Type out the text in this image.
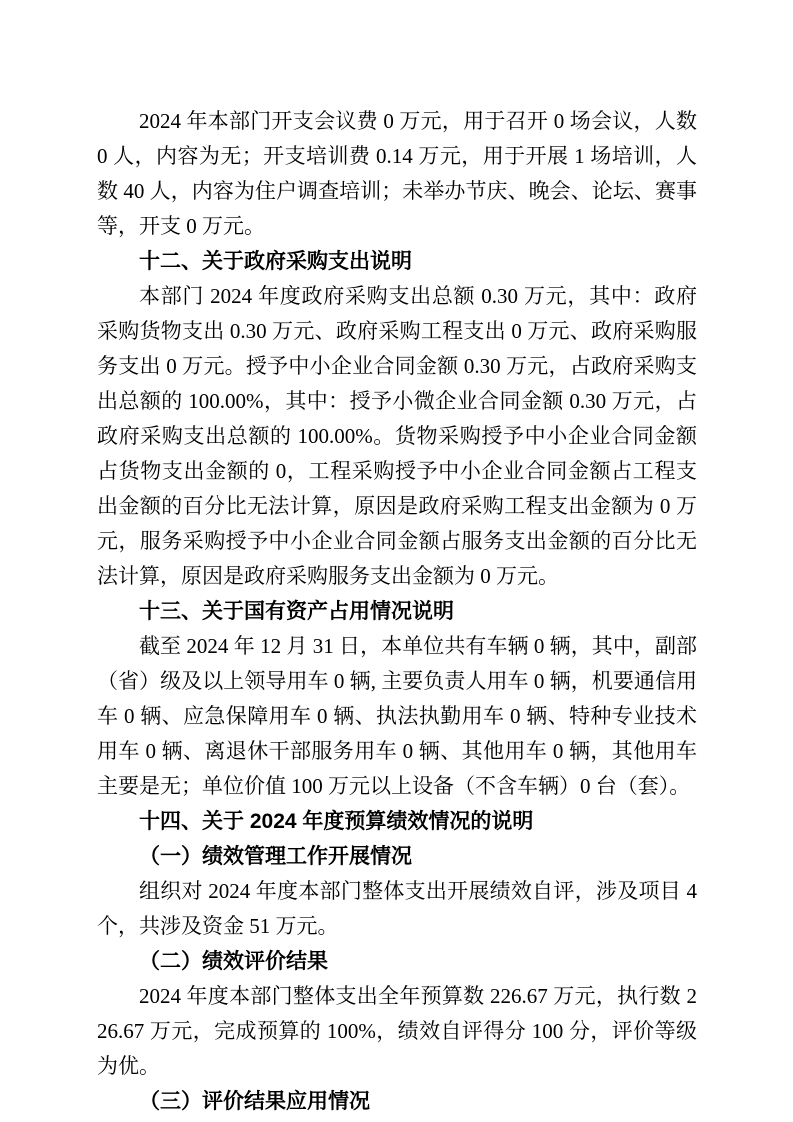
2024 年本部门开支会议费 0 万元，用于召开 0 场会议，人数 0 人，内容为无；开支培训费 0.14 万元，用于开展 1 场培训，人数 40 人，内容为住户调查培训；未举办节庆、晚会、论坛、赛事等，开支 0 万元。

十二、关于政府采购支出说明

本部门 2024 年度政府采购支出总额 0.30 万元，其中：政府采购货物支出 0.30 万元、政府采购工程支出 0 万元、政府采购服务支出 0 万元。授予中小企业合同金额 0.30 万元，占政府采购支出总额的 100.00%，其中：授予小微企业合同金额 0.30 万元，占政府采购支出总额的 100.00%。货物采购授予中小企业合同金额占货物支出金额的 0，工程采购授予中小企业合同金额占工程支出金额的百分比无法计算，原因是政府采购工程支出金额为 0 万元，服务采购授予中小企业合同金额占服务支出金额的百分比无法计算，原因是政府采购服务支出金额为 0 万元。

十三、关于国有资产占用情况说明

截至 2024 年 12 月 31 日，本单位共有车辆 0 辆，其中，副部（省）级及以上领导用车 0 辆, 主要负责人用车 0 辆，机要通信用车 0 辆、应急保障用车 0 辆、执法执勤用车 0 辆、特种专业技术用车 0 辆、离退休干部服务用车 0 辆、其他用车 0 辆，其他用车主要是无；单位价值 100 万元以上设备（不含车辆）0 台（套）。

十四、关于 2024 年度预算绩效情况的说明
（一）绩效管理工作开展情况

组织对 2024 年度本部门整体支出开展绩效自评，涉及项目 4 个，共涉及资金 51 万元。

（二）绩效评价结果

2024 年度本部门整体支出全年预算数 226.67 万元，执行数 226.67 万元，完成预算的 100%，绩效自评得分 100 分，评价等级为优。

（三）评价结果应用情况
